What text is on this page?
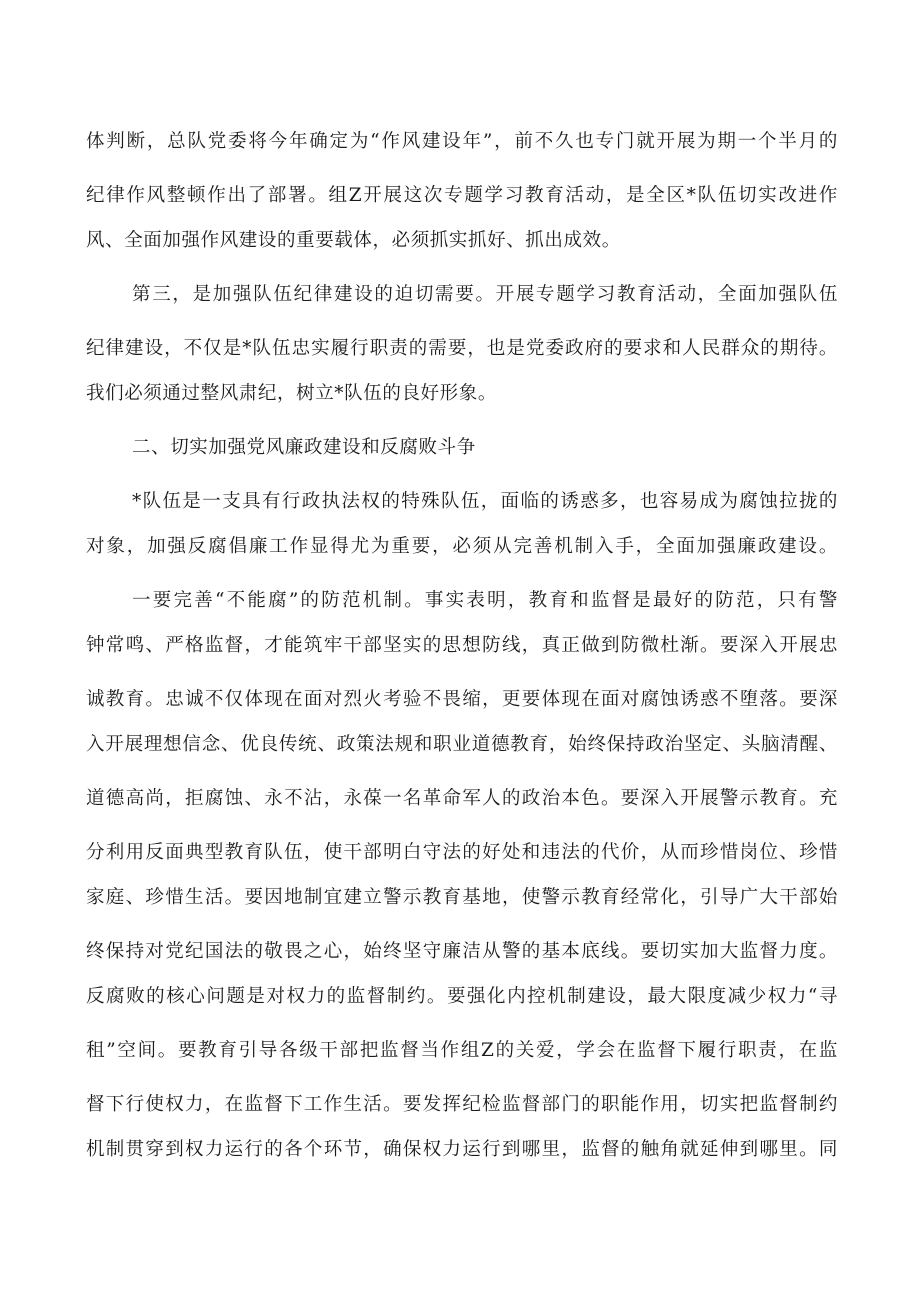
体判断，总队党委将今年确定为“作风建设年”，前不久也专门就开展为期一个半月的
纪律作风整顿作出了部署。组Z开展这次专题学习教育活动，是全区*队伍切实改进作
风、全面加强作风建设的重要载体，必须抓实抓好、抓出成效。
第三，是加强队伍纪律建设的迫切需要。开展专题学习教育活动，全面加强队伍
纪律建设，不仅是*队伍忠实履行职责的需要，也是党委政府的要求和人民群众的期待。
我们必须通过整风肃纪，树立*队伍的良好形象。
二、切实加强党风廉政建设和反腐败斗争
*队伍是一支具有行政执法权的特殊队伍，面临的诱惑多，也容易成为腐蚀拉拢的
对象，加强反腐倡廉工作显得尤为重要，必须从完善机制入手，全面加强廉政建设。
一要完善“不能腐”的防范机制。事实表明，教育和监督是最好的防范，只有警
钟常鸣、严格监督，才能筑牢干部坚实的思想防线，真正做到防微杜渐。要深入开展忠
诚教育。忠诚不仅体现在面对烈火考验不畏缩，更要体现在面对腐蚀诱惑不堕落。要深
入开展理想信念、优良传统、政策法规和职业道德教育，始终保持政治坚定、头脑清醒、
道德高尚，拒腐蚀、永不沾，永葆一名革命军人的政治本色。要深入开展警示教育。充
分利用反面典型教育队伍，使干部明白守法的好处和违法的代价，从而珍惜岗位、珍惜
家庭、珍惜生活。要因地制宜建立警示教育基地，使警示教育经常化，引导广大干部始
终保持对党纪国法的敬畏之心，始终坚守廉洁从警的基本底线。要切实加大监督力度。
反腐败的核心问题是对权力的监督制约。要强化内控机制建设，最大限度减少权力“寻
租”空间。要教育引导各级干部把监督当作组Z的关爱，学会在监督下履行职责，在监
督下行使权力，在监督下工作生活。要发挥纪检监督部门的职能作用，切实把监督制约
机制贯穿到权力运行的各个环节，确保权力运行到哪里，监督的触角就延伸到哪里。同
